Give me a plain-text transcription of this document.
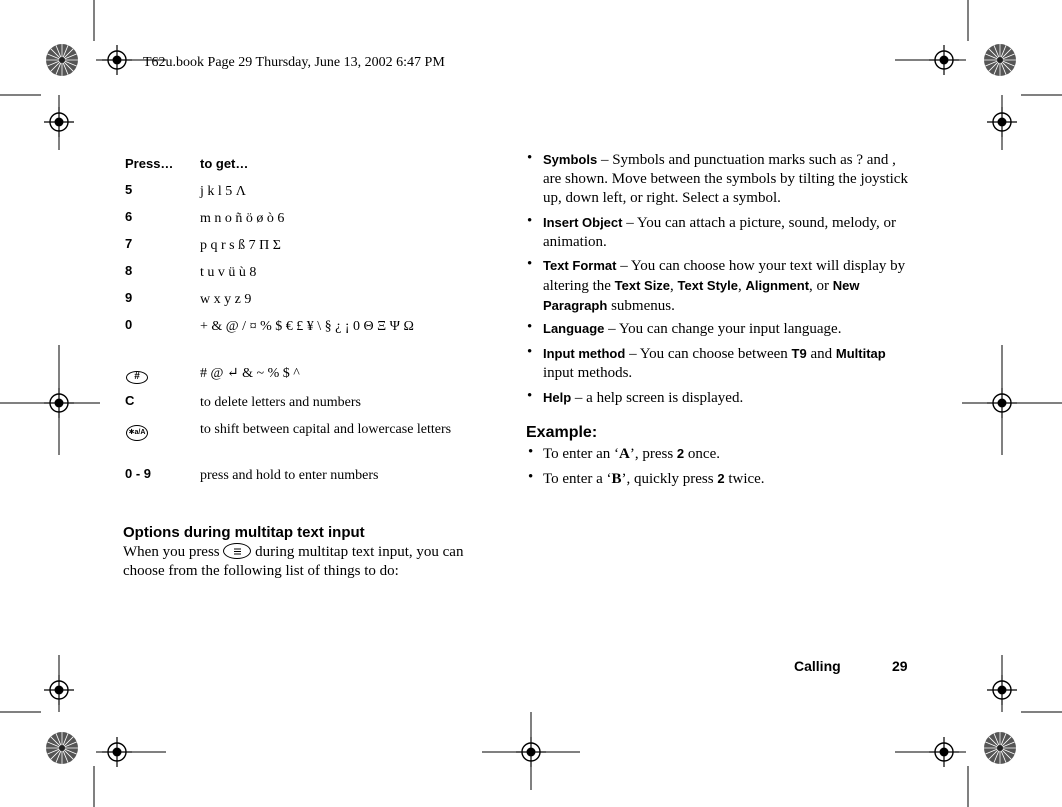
T62u.book Page 29 Thursday, June 13, 2002 6:47 PM
Press… to get…
5	j k l 5 Λ
6	m n o ñ ö ø ò 6
7	p q r s ß 7 Π Σ
8	t u v ü ù 8
9	w x y z 9
0	+ & @ / ¤ % $ € £ ¥ \ § ¿ ¡ 0 Θ Ξ Ψ Ω
#	# @ ↵ & ~ % $ ^
C	to delete letters and numbers
✱a/A	to shift between capital and lowercase letters
0 - 9	press and hold to enter numbers
Options during multitap text input
When you press during multitap text input, you can choose from the following list of things to do:
• Symbols – Symbols and punctuation marks such as ? and , are shown. Move between the symbols by tilting the joystick up, down left, or right. Select a symbol.
• Insert Object – You can attach a picture, sound, melody, or animation.
• Text Format – You can choose how your text will display by altering the Text Size, Text Style, Alignment, or New Paragraph submenus.
• Language – You can change your input language.
• Input method – You can choose between T9 and Multitap input methods.
• Help – a help screen is displayed.
Example:
• To enter an ‘A’, press 2 once.
• To enter a ‘B’, quickly press 2 twice.
Calling	29
